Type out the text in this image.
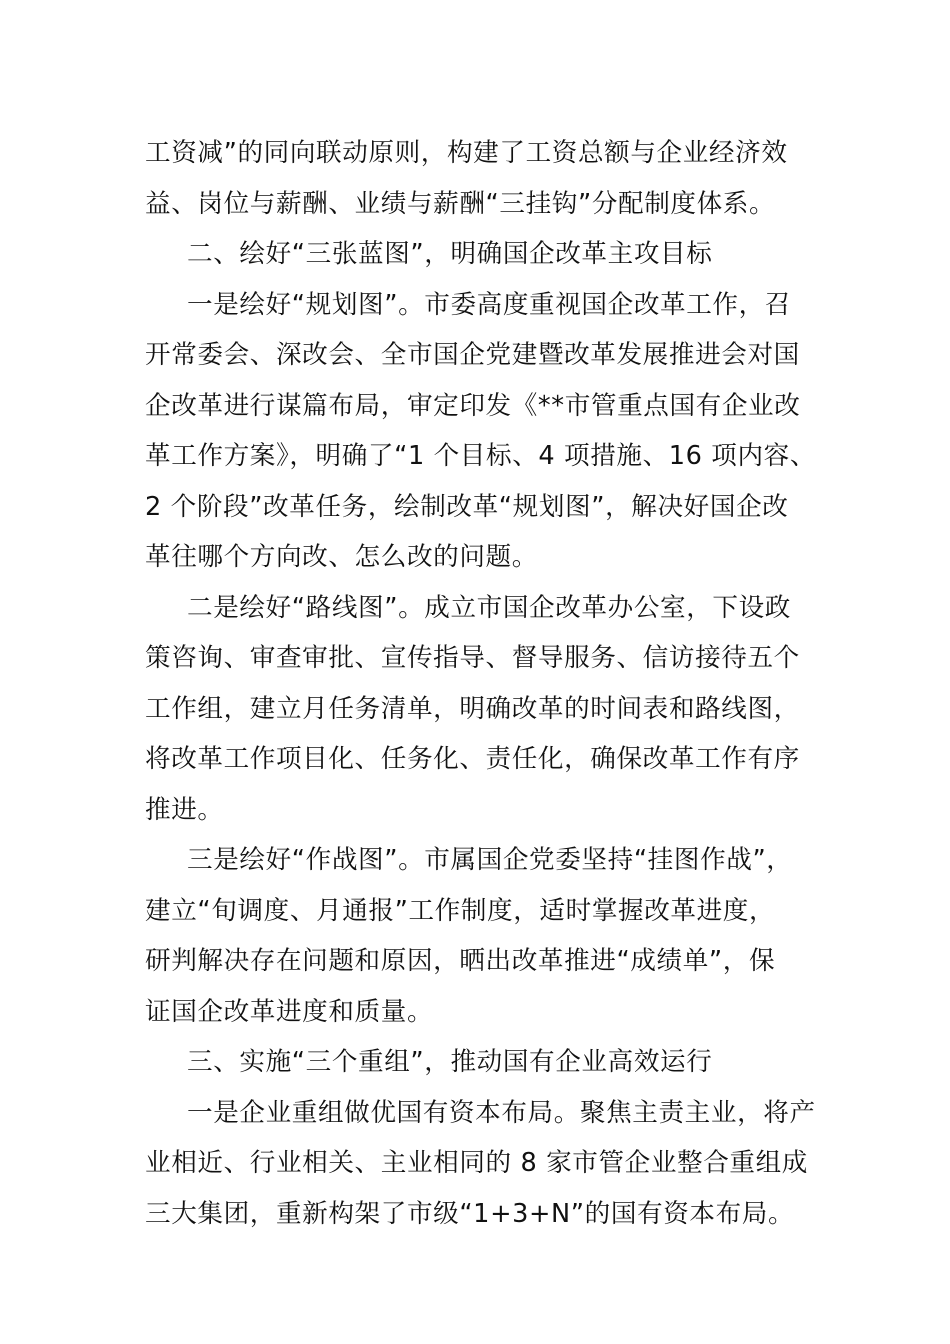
工资减”的同向联动原则，构建了工资总额与企业经济效
益、岗位与薪酬、业绩与薪酬“三挂钩”分配制度体系。
二、绘好“三张蓝图”，明确国企改革主攻目标
一是绘好“规划图”。市委高度重视国企改革工作，召
开常委会、深改会、全市国企党建暨改革发展推进会对国
企改革进行谋篇布局，审定印发《**市管重点国有企业改
革工作方案》，明确了“1 个目标、4 项措施、16 项内容、
2 个阶段”改革任务，绘制改革“规划图”，解决好国企改
革往哪个方向改、怎么改的问题。
二是绘好“路线图”。成立市国企改革办公室，下设政
策咨询、审查审批、宣传指导、督导服务、信访接待五个
工作组，建立月任务清单，明确改革的时间表和路线图，
将改革工作项目化、任务化、责任化，确保改革工作有序
推进。
三是绘好“作战图”。市属国企党委坚持“挂图作战”，
建立“旬调度、月通报”工作制度，适时掌握改革进度，
研判解决存在问题和原因，晒出改革推进“成绩单”，保
证国企改革进度和质量。
三、实施“三个重组”，推动国有企业高效运行
一是企业重组做优国有资本布局。聚焦主责主业，将产
业相近、行业相关、主业相同的 8 家市管企业整合重组成
三大集团，重新构架了市级“1+3+N”的国有资本布局。
